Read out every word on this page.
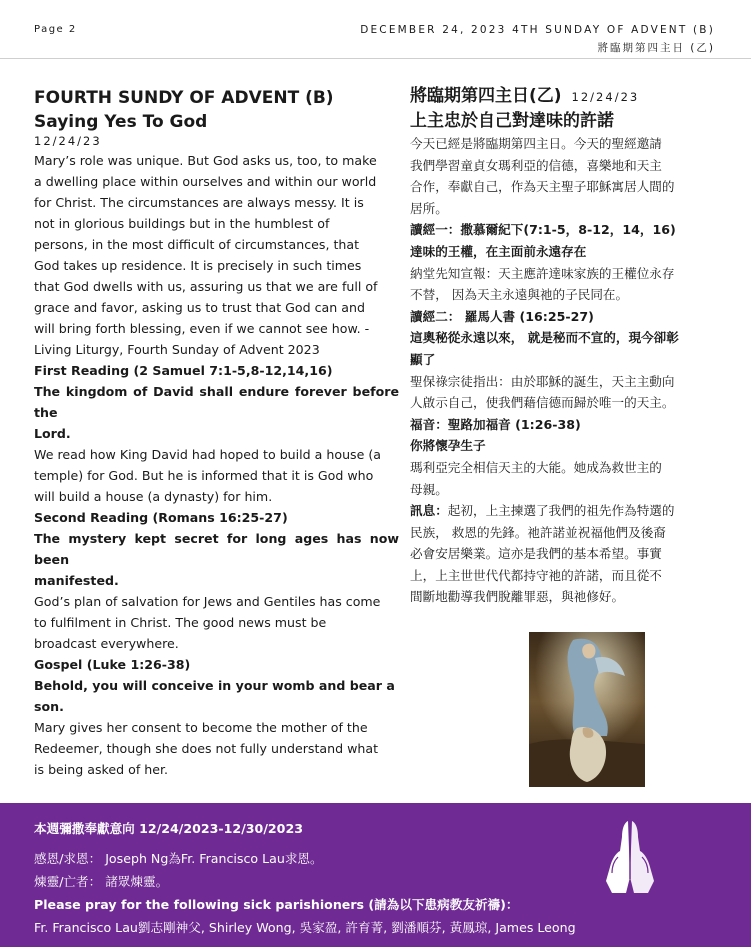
Page 2	DECEMBER 24, 2023 4TH SUNDAY OF ADVENT (B)
將臨期第四主日 (乙)
FOURTH SUNDY OF ADVENT (B)
Saying Yes To God
12/24/23

Mary’s role was unique. But God asks us, too, to make

a dwelling place within ourselves and within our world

for Christ. The circumstances are always messy. It is

not in glorious buildings but in the humblest of

persons, in the most difficult of circumstances, that

God takes up residence. It is precisely in such times

that God dwells with us, assuring us that we are full of

grace and favor, asking us to trust that God can and

will bring forth blessing, even if we cannot see how. -

Living Liturgy, Fourth Sunday of Advent 2023

First Reading (2 Samuel 7:1-5,8-12,14,16)

The kingdom of David shall endure forever before the

Lord.

We read how King David had hoped to build a house (a

temple) for God. But he is informed that it is God who

will build a house (a dynasty) for him.

Second Reading (Romans 16:25-27)

The mystery kept secret for long ages has now been

manifested.

God’s plan of salvation for Jews and Gentiles has come

to fulfilment in Christ. The good news must be

broadcast everywhere.

Gospel (Luke 1:26-38)

Behold, you will conceive in your womb and bear a

son.

Mary gives her consent to become the mother of the

Redeemer, though she does not fully understand what

is being asked of her.

將臨期第四主日(乙) 12/24/23
上主忠於自己對達味的許諾

今天已經是將臨期第四主日。今天的聖經邀請

我們學習童貞女瑪利亞的信德，喜樂地和天主

合作，奉獻自己，作為天主聖子耶穌寓居人間的

居所。

讀經一：撒慕爾紀下(7:1-5，8-12，14，16)

達味的王權，在主面前永遠存在

納堂先知宣報：天主應許達味家族的王權位永存

不替， 因為天主永遠與祂的子民同在。

讀經二： 羅馬人書 (16:25-27)

這奧秘從永遠以來， 就是秘而不宣的，現今卻彰

顯了

聖保祿宗徒指出：由於耶穌的誕生，天主主動向

人啟示自己，使我們藉信德而歸於唯一的天主。

福音：聖路加福音 (1:26-38)

你將懷孕生子

瑪利亞完全相信天主的大能。她成為救世主的

母親。

訊息：起初，上主揀選了我們的祖先作為特選的

民族， 救恩的先鋒。祂許諾並祝福他們及後裔

必會安居樂業。這亦是我們的基本希望。事實

上，上主世世代代都持守祂的許諾，而且從不

間斷地勸導我們脫離罪惡，與祂修好。

本週彌撒奉獻意向 12/24/2023-12/30/2023
感恩/求恩： Joseph Ng為Fr. Francisco Lau求恩。
煉靈/亡者： 諸眾煉靈。
Please pray for the following sick parishioners (請為以下患病教友祈禱)：
Fr. Francisco Lau劉志剛神父, Shirley Wong, 吳家盈, 許育菁, 劉潘順芬, 黃鳳琼, James Leong
